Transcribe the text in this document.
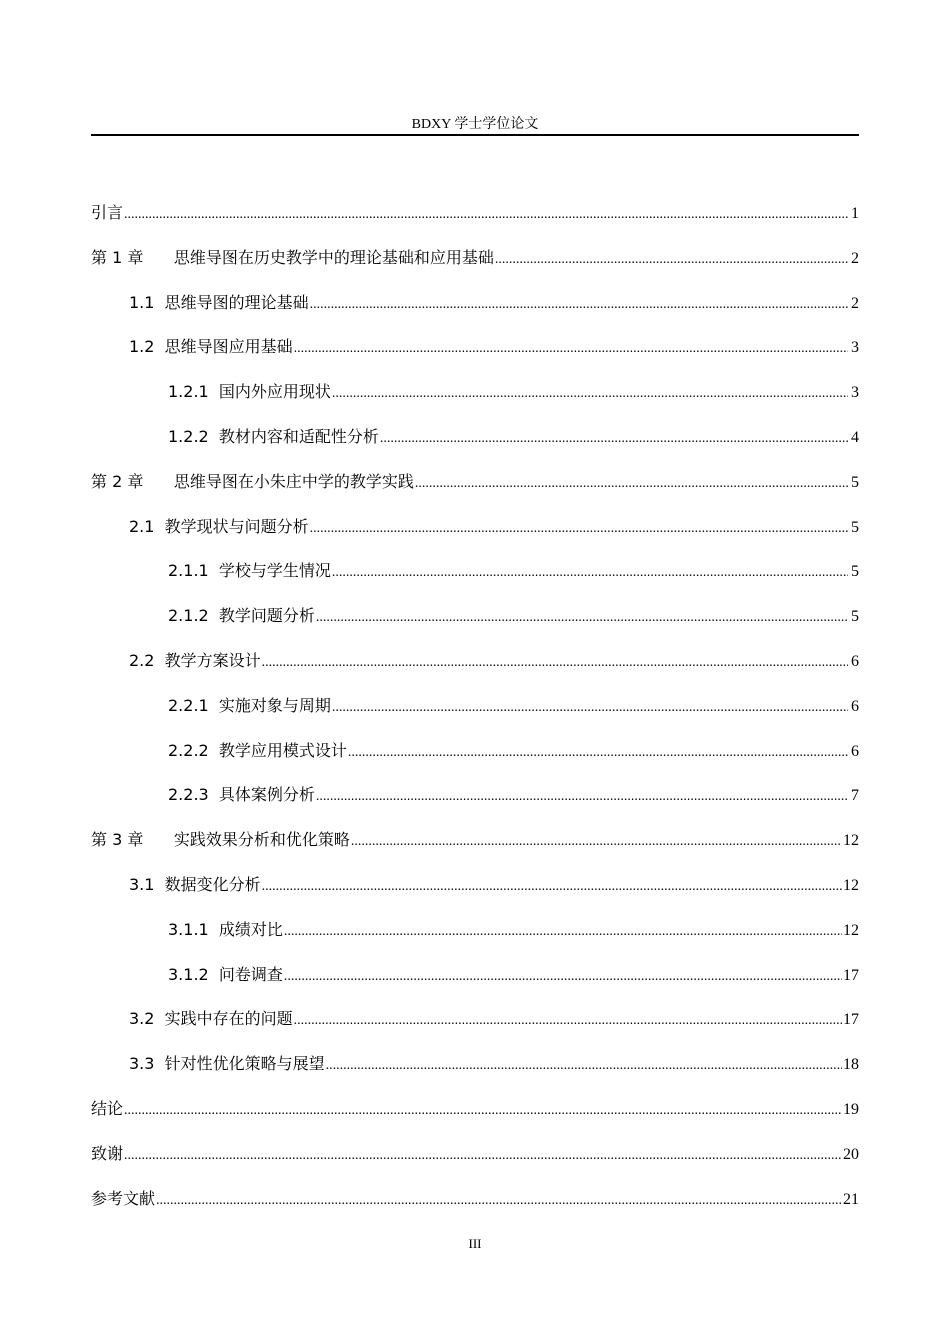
BDXY 学士学位论文
引言 .....	1
第 1 章 思维导图在历史教学中的理论基础和应用基础 .....	2
1.1 思维导图的理论基础 .....	2
1.2 思维导图应用基础 .....	3
1.2.1 国内外应用现状 .....	3
1.2.2 教材内容和适配性分析 .....	4
第 2 章 思维导图在小朱庄中学的教学实践 .....	5
2.1 教学现状与问题分析 .....	5
2.1.1 学校与学生情况 .....	5
2.1.2 教学问题分析 .....	5
2.2 教学方案设计 .....	6
2.2.1 实施对象与周期 .....	6
2.2.2 教学应用模式设计 .....	6
2.2.3 具体案例分析 .....	7
第 3 章 实践效果分析和优化策略 .....	12
3.1 数据变化分析 .....	12
3.1.1 成绩对比 .....	12
3.1.2 问卷调查 .....	17
3.2 实践中存在的问题 .....	17
3.3 针对性优化策略与展望 .....	18
结论 .....	19
致谢 .....	20
参考文献 .....	21
III
